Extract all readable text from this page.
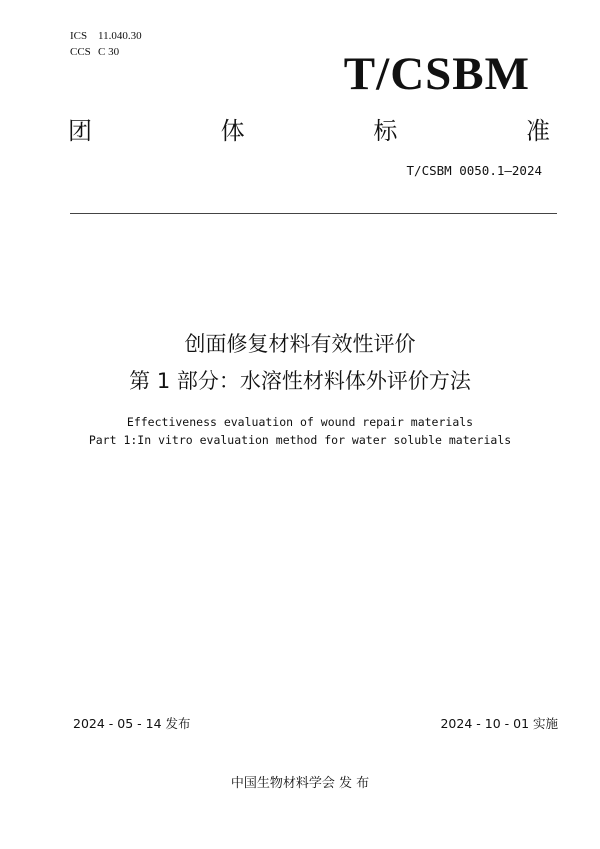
ICS 11.040.30
CCS C 30	T/CSBM
团	体	标	准
T/CSBM 0050.1—2024
创面修复材料有效性评价
第 1 部分：水溶性材料体外评价方法
Effectiveness evaluation of wound repair materials
Part 1:In vitro evaluation method for water soluble materials
2024 - 05 - 14 发布	2024 - 10 - 01 实施
中国生物材料学会 发 布
